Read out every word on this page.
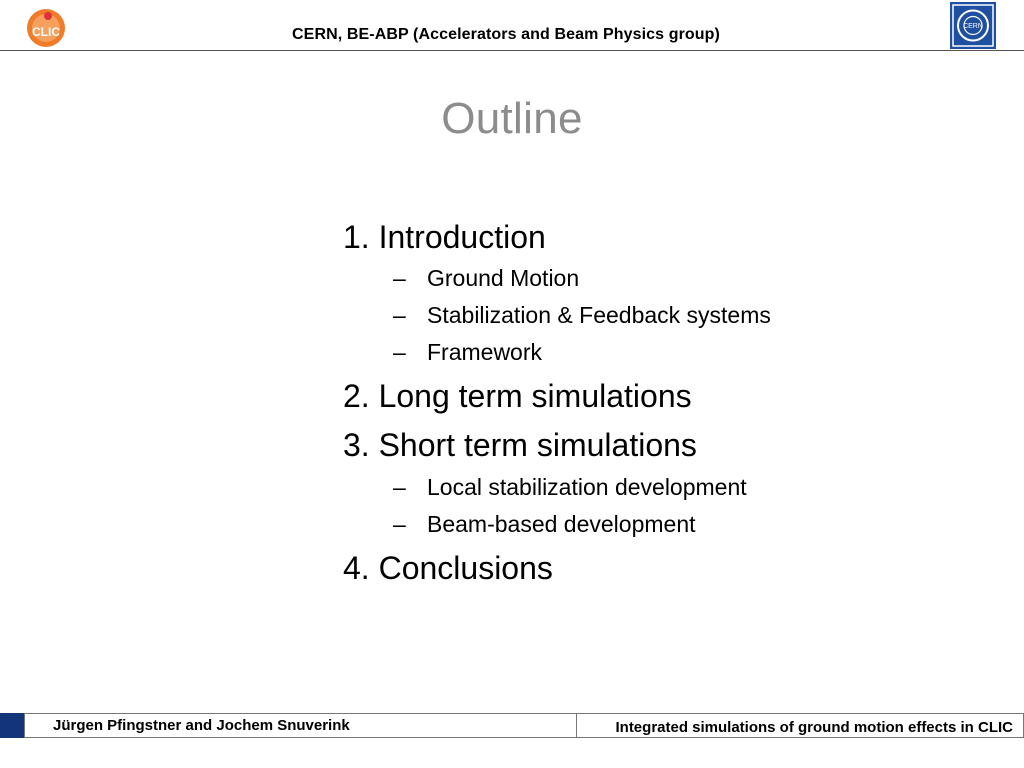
CLIC	CERN, BE-ABP (Accelerators and Beam Physics group)	CERN
Outline
1. Introduction
– Ground Motion
– Stabilization & Feedback systems
– Framework
2. Long term simulations
3. Short term simulations
– Local stabilization development
– Beam-based development
4. Conclusions
Jürgen Pfingstner and Jochem Snuverink	Integrated simulations of ground motion effects in CLIC
